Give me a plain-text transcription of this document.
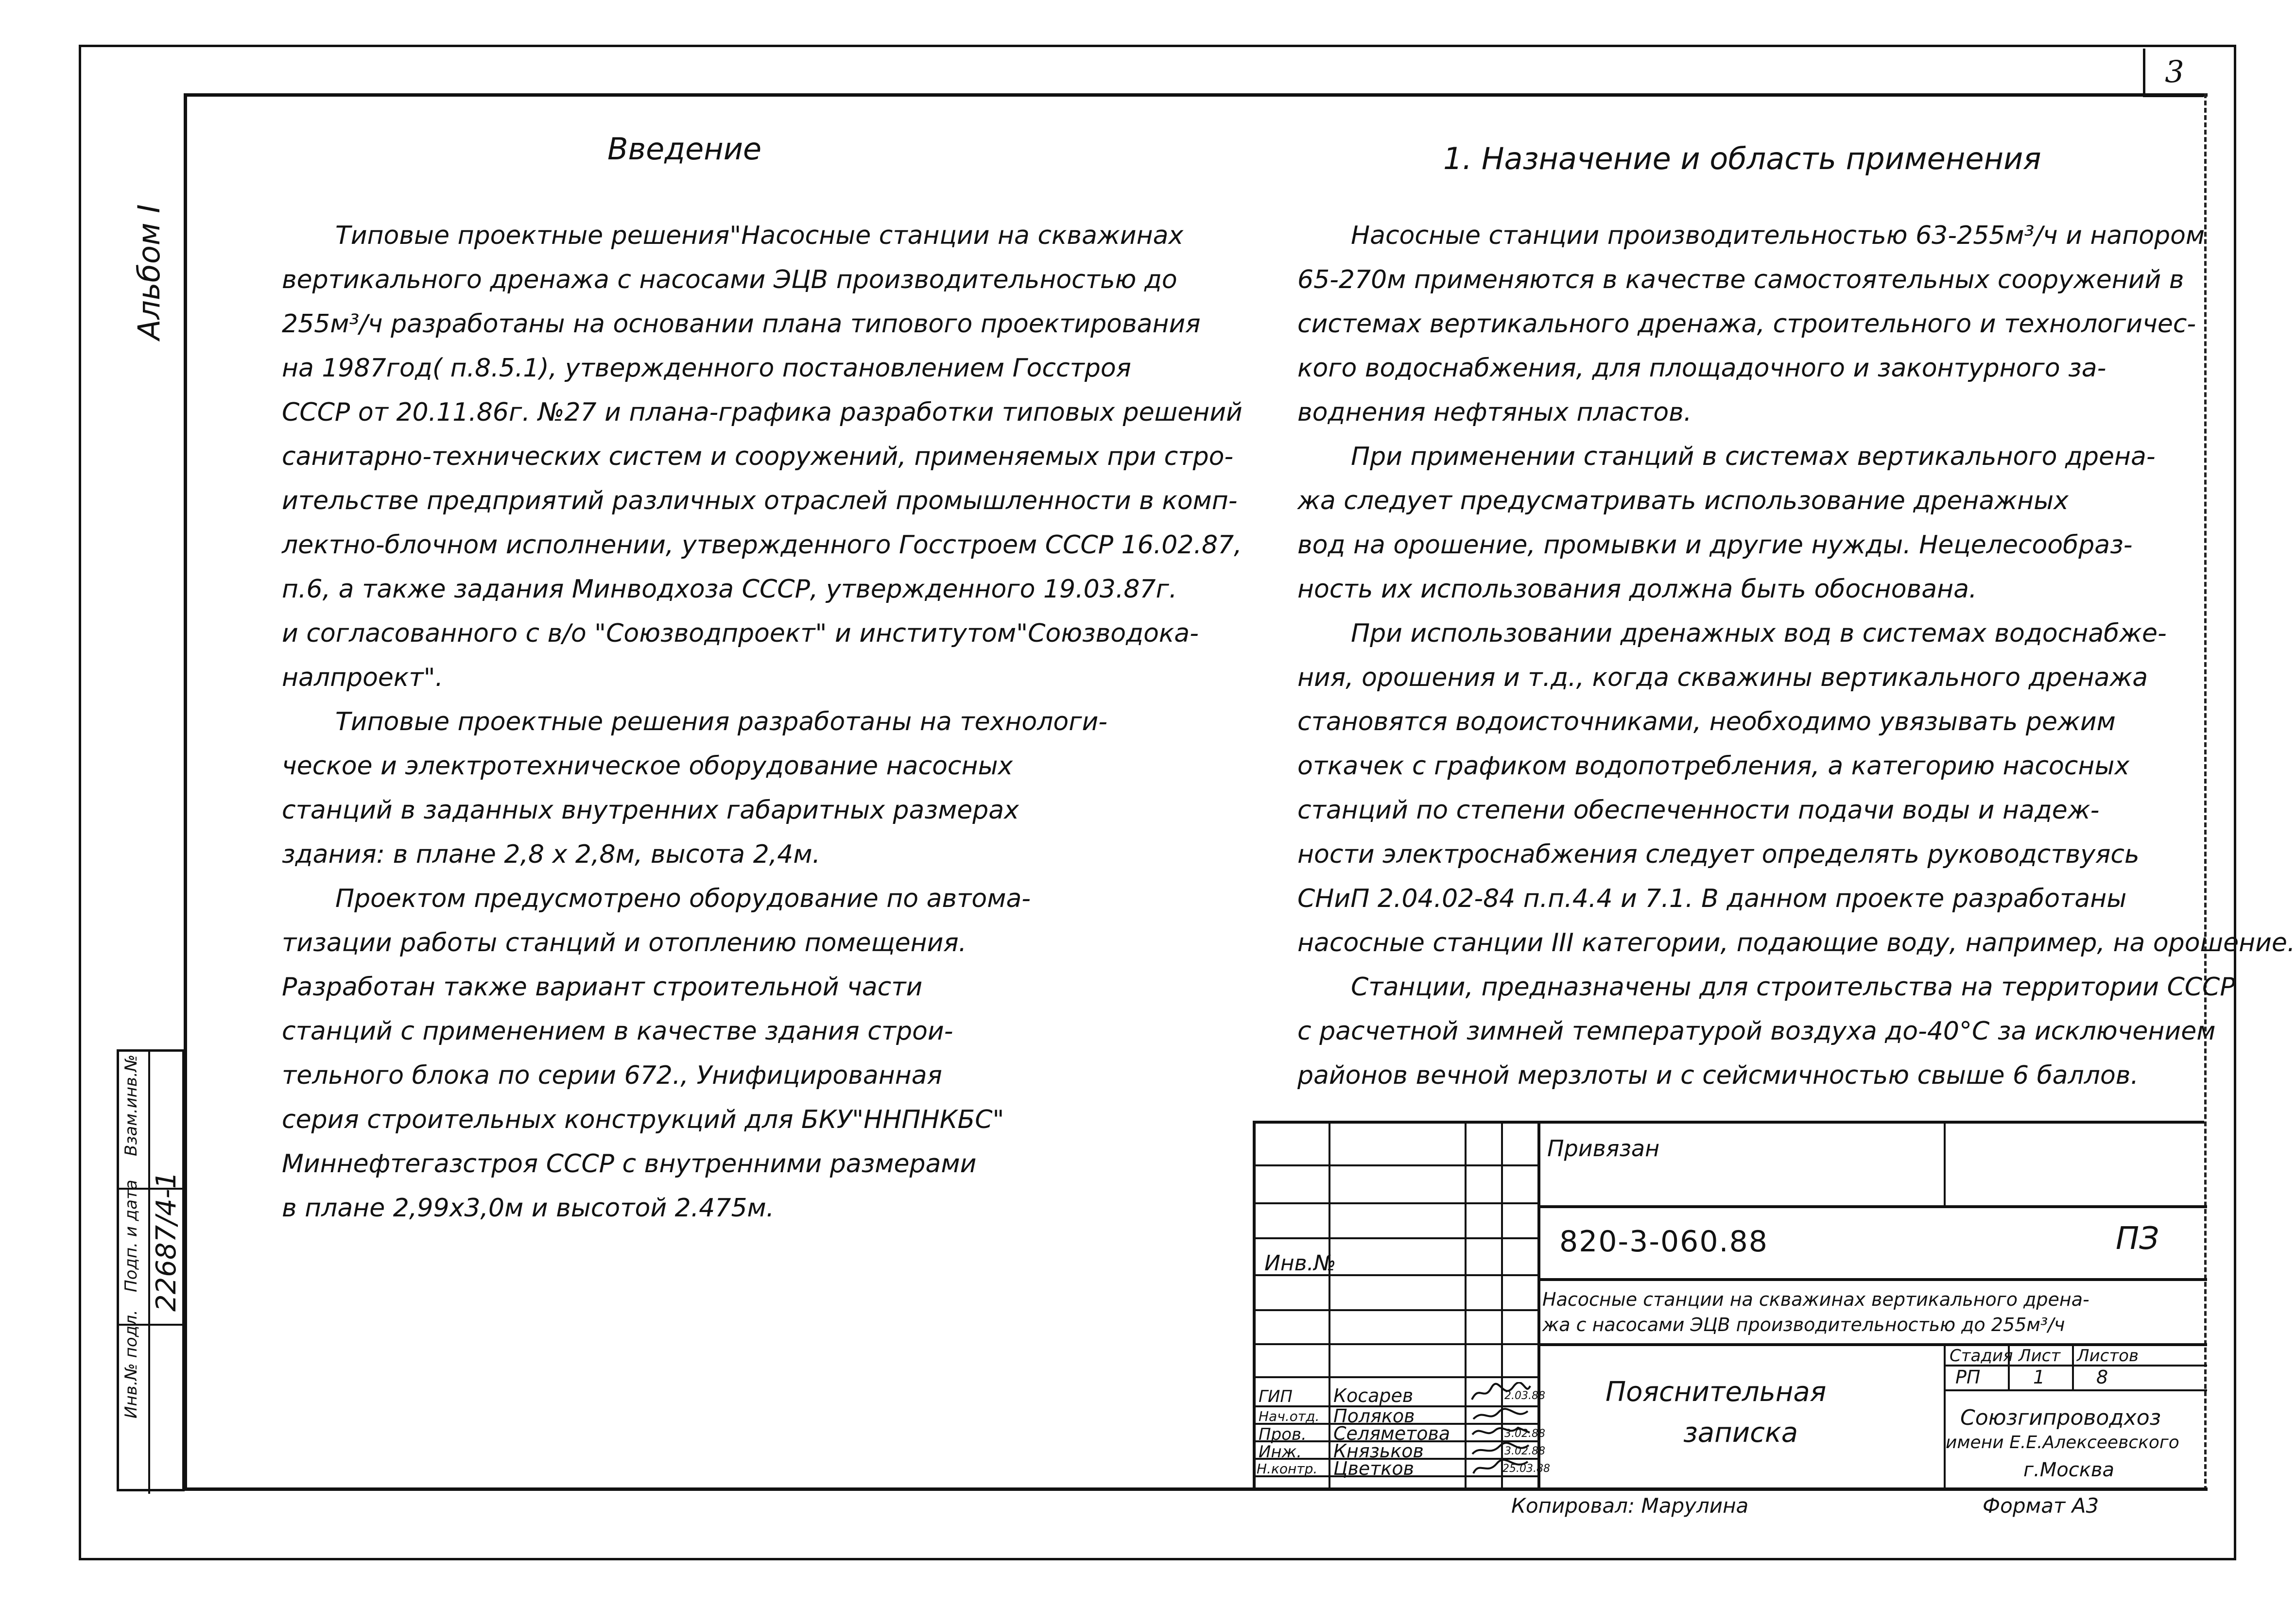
3
Альбом I
Инв.№ подл.
Подп. и дата
Взам.инв.№
22687/4-1
Введение

Типовые проектные решения"Насосные станции на скважинах
вертикального дренажа с насосами ЭЦВ производительностью до
255м³/ч разработаны на основании плана типового проектирования
на 1987год( п.8.5.1), утвержденного постановлением Госстроя
СССР от 20.11.86г. №27 и плана-графика разработки типовых решений
санитарно-технических систем и сооружений, применяемых при стро-
ительстве предприятий различных отраслей промышленности в комп-
лектно-блочном исполнении, утвержденного Госстроем СССР 16.02.87,
п.6, а также задания Минводхоза СССР, утвержденного 19.03.87г.
и согласованного с в/о "Союзводпроект" и институтом"Союзводока-
налпроект".

Типовые проектные решения разработаны на технологи-
ческое и электротехническое оборудование насосных
станций в заданных внутренних габаритных размерах
здания: в плане 2,8 х 2,8м, высота 2,4м.

Проектом предусмотрено оборудование по автома-
тизации работы станций и отоплению помещения.
Разработан также вариант строительной части
станций с применением в качестве здания строи-
тельного блока по серии 672., Унифицированная
серия строительных конструкций для БКУ"ННПНКБС"
Миннефтегазстроя СССР с внутренними размерами
в плане 2,99х3,0м и высотой 2.475м.

1. Назначение и область применения

Насосные станции производительностью 63-255м³/ч и напором
65-270м применяются в качестве самостоятельных сооружений в
системах вертикального дренажа, строительного и технологичес-
кого водоснабжения, для площадочного и законтурного за-
воднения нефтяных пластов.

При применении станций в системах вертикального дрена-
жа следует предусматривать использование дренажных
вод на орошение, промывки и другие нужды. Нецелесообраз-
ность их использования должна быть обоснована.

При использовании дренажных вод в системах водоснабже-
ния, орошения и т.д., когда скважины вертикального дренажа
становятся водоисточниками, необходимо увязывать режим
откачек с графиком водопотребления, а категорию насосных
станций по степени обеспеченности подачи воды и надеж-
ности электроснабжения следует определять руководствуясь
СНиП 2.04.02-84 п.п.4.4 и 7.1. В данном проекте разработаны
насосные станции III категории, подающие воду, например, на орошение.

Станции, предназначены для строительства на территории СССР
с расчетной зимней температурой воздуха до-40°С за исключением
районов вечной мерзлоты и с сейсмичностью свыше 6 баллов.

Инв.№
Привязан
820-3-060.88	ПЗ
Насосные станции на скважинах вертикального дрена-
жа с насосами ЭЦВ производительностью до 255м³/ч
Пояснительная
записка
Стадия Лист Листов
РП	1	8
Союзгипроводхоз
имени Е.Е.Алексеевского
г.Москва
ГИП Косарев	2.03.88
Нач.отд. Поляков
Пров. Селяметова	3.02.88
Инж. Князьков	3.02.88
Н.контр. Цветков	25.03.88
Копировал: Марулина	Формат А3
